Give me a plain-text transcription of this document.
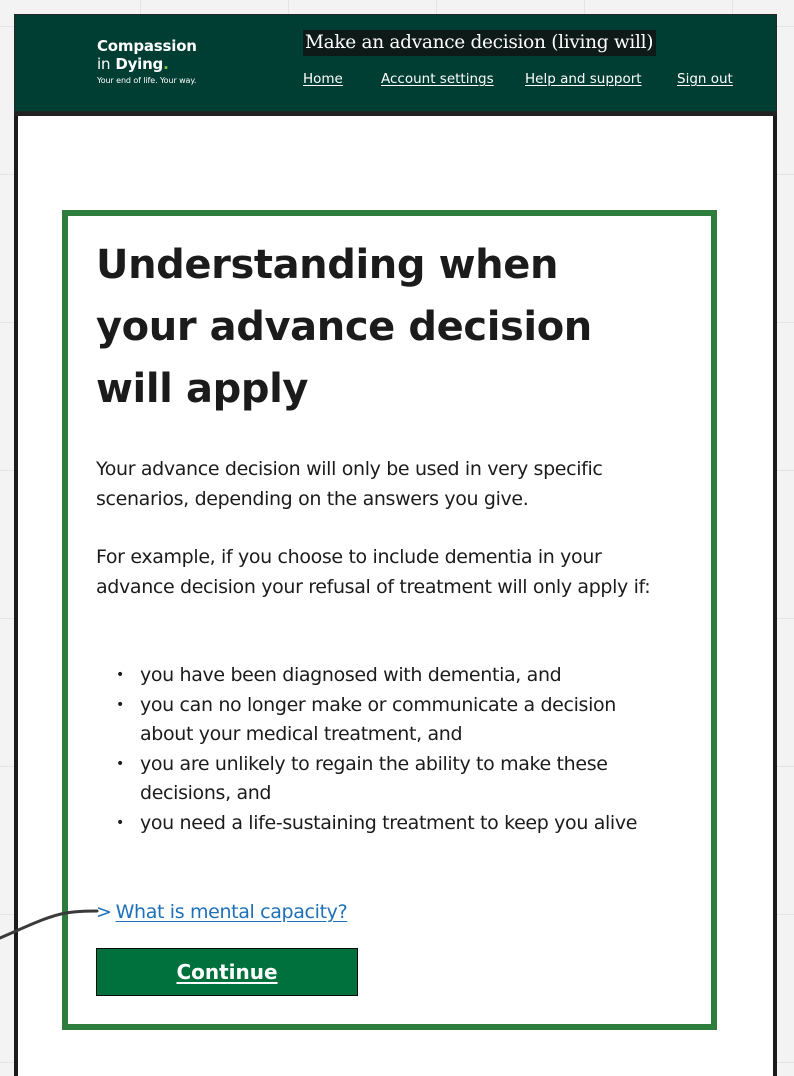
Compassion
in Dying.
Your end of life. Your way.
Make an advance decision (living will)
Home	Account settings Help and support	Sign out
Understanding when your advance decision will apply

Your advance decision will only be used in very specific scenarios, depending on the answers you give.

For example, if you choose to include dementia in your advance decision your refusal of treatment will only apply if:

• you have been diagnosed with dementia, and
• you can no longer make or communicate a decision about your medical treatment, and
• you are unlikely to regain the ability to make these decisions, and
• you need a life-sustaining treatment to keep you alive
> What is mental capacity?
Continue
